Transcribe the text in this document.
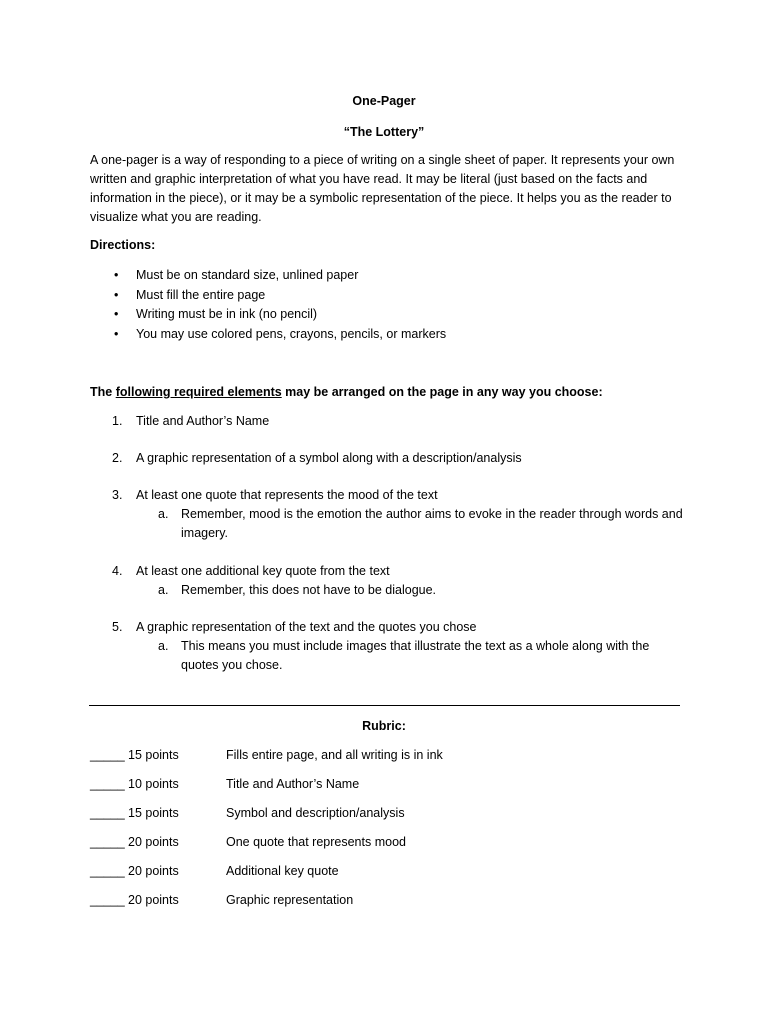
One-Pager
“The Lottery”
A one-pager is a way of responding to a piece of writing on a single sheet of paper. It represents your own written and graphic interpretation of what you have read. It may be literal (just based on the facts and information in the piece), or it may be a symbolic representation of the piece. It helps you as the reader to visualize what you are reading.
Directions:
• Must be on standard size, unlined paper
• Must fill the entire page
• Writing must be in ink (no pencil)
• You may use colored pens, crayons, pencils, or markers
The following required elements may be arranged on the page in any way you choose:
1. Title and Author’s Name
2. A graphic representation of a symbol along with a description/analysis
3. At least one quote that represents the mood of the text
a. Remember, mood is the emotion the author aims to evoke in the reader through words and imagery.
4. At least one additional key quote from the text
a. Remember, this does not have to be dialogue.
5. A graphic representation of the text and the quotes you chose
a. This means you must include images that illustrate the text as a whole along with the quotes you chose.
Rubric:
_____ 15 points	Fills entire page, and all writing is in ink
_____ 10 points	Title and Author’s Name
_____ 15 points	Symbol and description/analysis
_____ 20 points	One quote that represents mood
_____ 20 points	Additional key quote
_____ 20 points	Graphic representation
